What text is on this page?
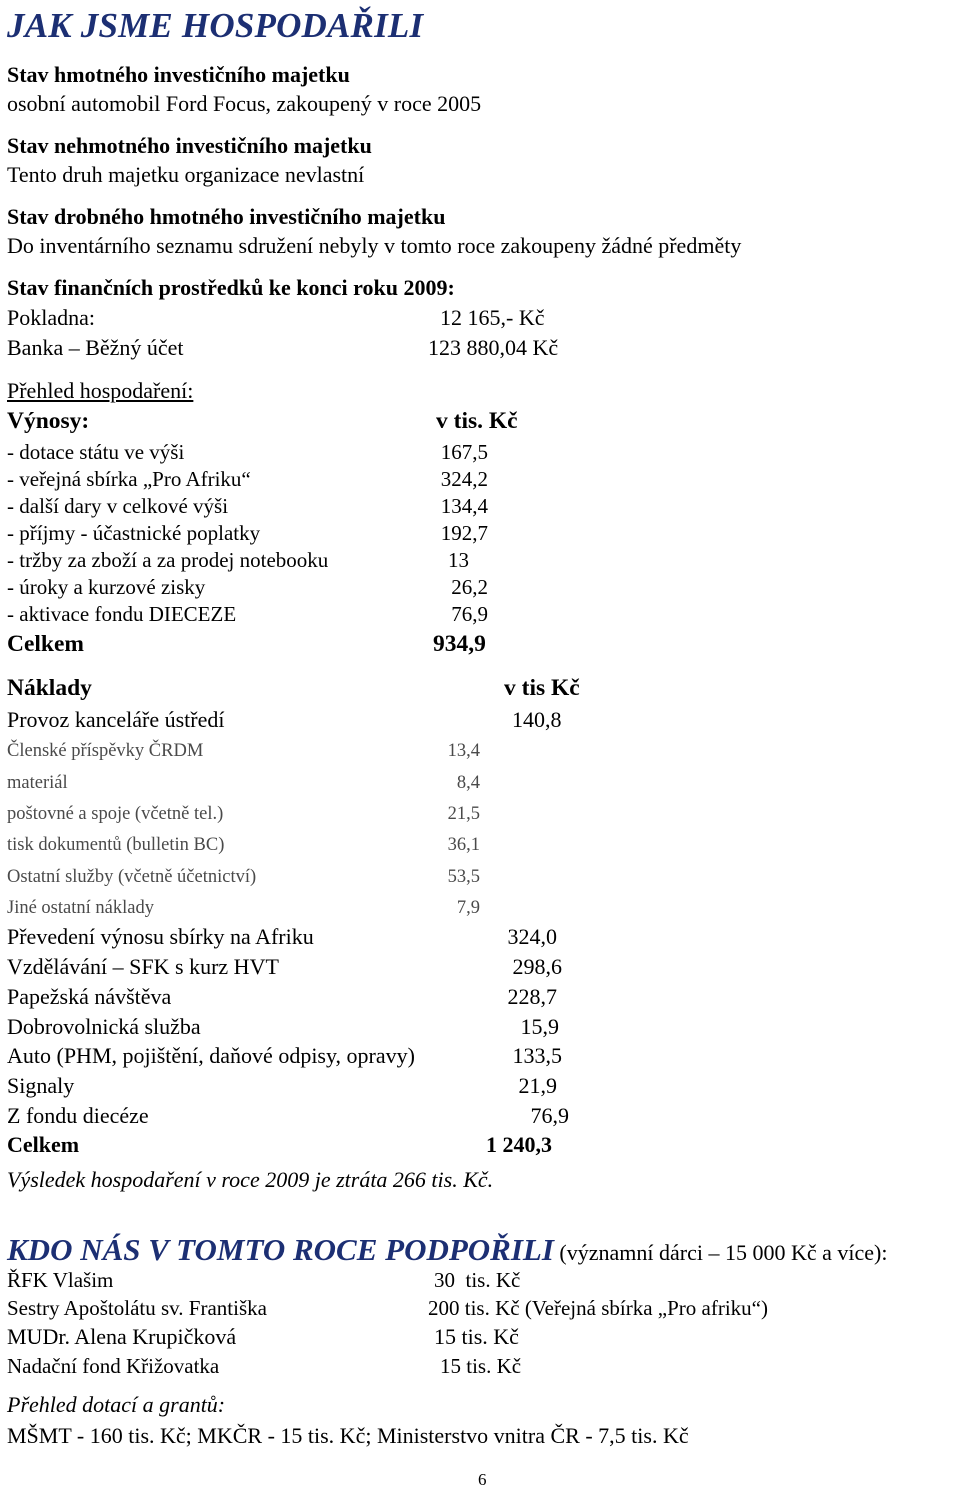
JAK JSME HOSPODAŘILI
Stav hmotného investičního majetku
osobní automobil Ford Focus, zakoupený v roce 2005
Stav nehmotného investičního majetku
Tento druh majetku organizace nevlastní
Stav drobného hmotného investičního majetku
Do inventárního seznamu sdružení nebyly v tomto roce zakoupeny žádné předměty
Stav finančních prostředků ke konci roku 2009:
Pokladna:	12 165,- Kč
Banka – Běžný účet	123 880,04 Kč
Přehled hospodaření:
Výnosy:	v tis. Kč
- dotace státu ve výši	167,5
- veřejná sbírka „Pro Afriku“	324,2
- další dary v celkové výši	134,4
- příjmy - účastnické poplatky	192,7
- tržby za zboží a za prodej notebooku	13
- úroky a kurzové zisky	26,2
- aktivace fondu DIECEZE	76,9
Celkem	934,9
Náklady	v tis Kč
Provoz kanceláře ústředí	140,8
Členské příspěvky ČRDM	13,4
materiál	8,4
poštovné a spoje (včetně tel.)	21,5
tisk dokumentů (bulletin BC)	36,1
Ostatní služby (včetně účetnictví)	53,5
Jiné ostatní náklady	7,9
Převedení výnosu sbírky na Afriku	324,0
Vzdělávání – SFK s kurz HVT	298,6
Papežská návštěva	228,7
Dobrovolnická služba	15,9
Auto (PHM, pojištění, daňové odpisy, opravy)	133,5
Signaly	21,9
Z fondu diecéze	76,9
Celkem	1 240,3
Výsledek hospodaření v roce 2009 je ztráta 266 tis. Kč.
KDO NÁS V TOMTO ROCE PODPOŘILI (významní dárci – 15 000 Kč a více):
ŘFK Vlašim	30  tis. Kč
Sestry Apoštolátu sv. Františka	200 tis. Kč (Veřejná sbírka „Pro afriku“)
MUDr. Alena Krupičková	15 tis. Kč
Nadační fond Křižovatka	15 tis. Kč
Přehled dotací a grantů:
MŠMT - 160 tis. Kč; MKČR - 15 tis. Kč; Ministerstvo vnitra ČR - 7,5 tis. Kč
6
